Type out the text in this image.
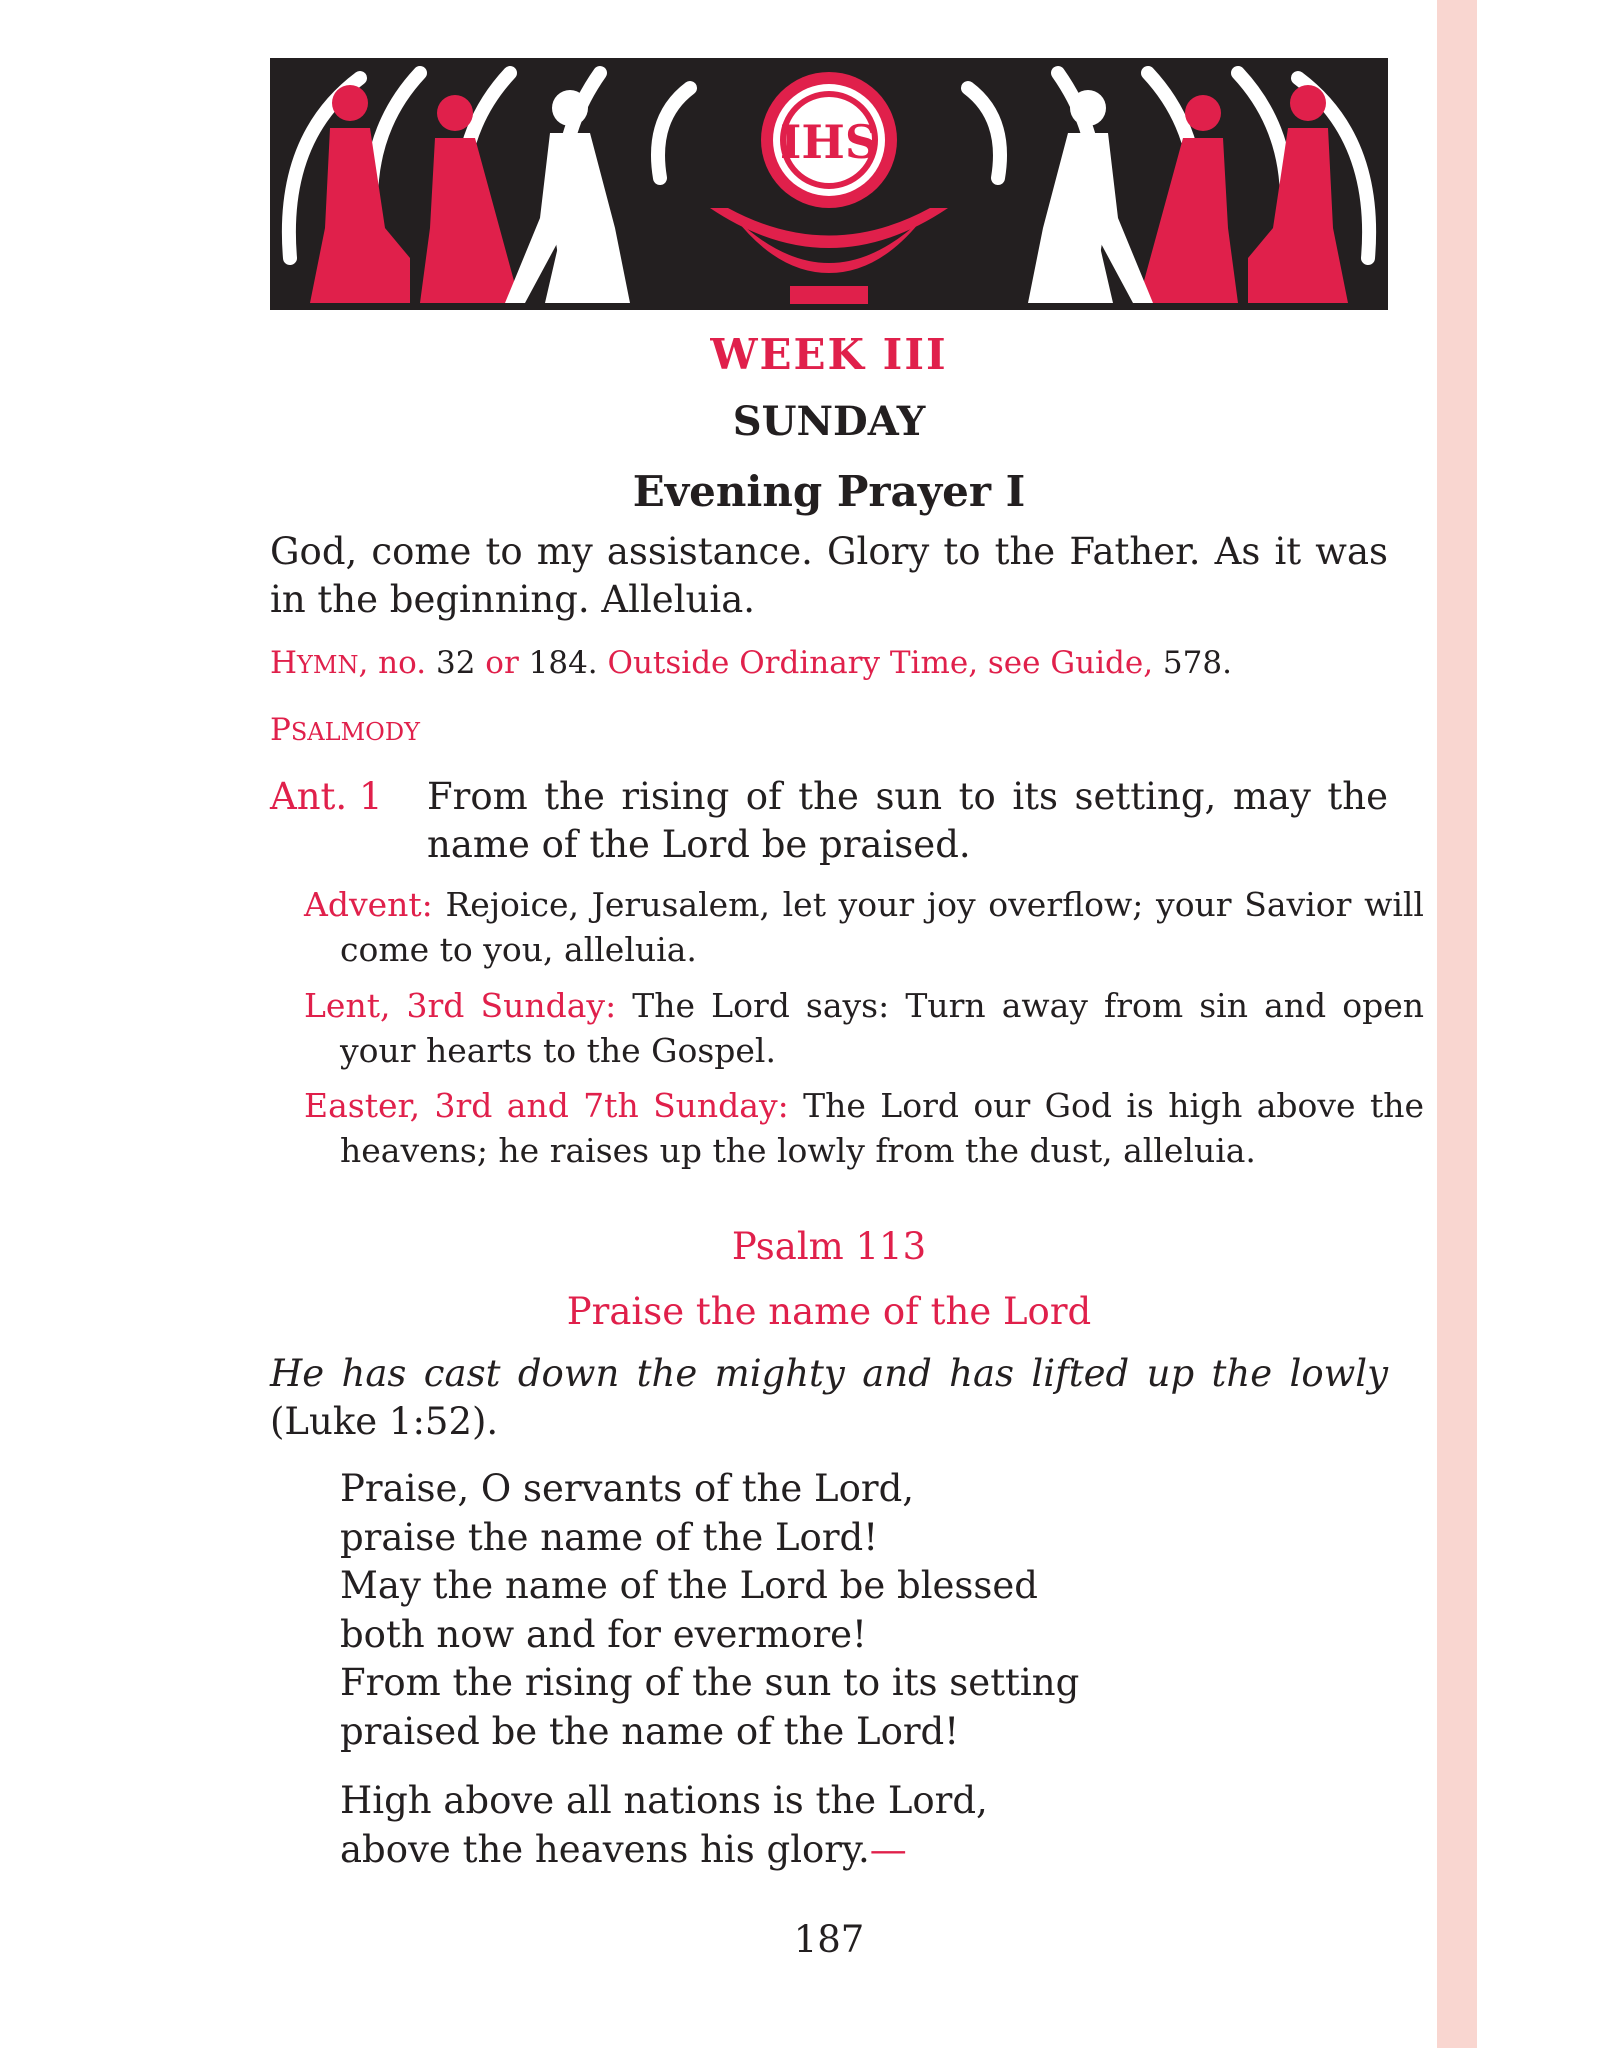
IHS
WEEK III
SUNDAY
Evening Prayer I
God, come to my assistance. Glory to the Father. As it was in the beginning. Alleluia.
HYMN, no. 32 or 184. Outside Ordinary Time, see Guide, 578.
PSALMODY
Ant. 1 From the rising of the sun to its setting, may the name of the Lord be praised.
Advent: Rejoice, Jerusalem, let your joy overflow; your Savior will come to you, alleluia.
Lent, 3rd Sunday: The Lord says: Turn away from sin and open your hearts to the Gospel.
Easter, 3rd and 7th Sunday: The Lord our God is high above the heavens; he raises up the lowly from the dust, alleluia.
Psalm 113
Praise the name of the Lord
He has cast down the mighty and has lifted up the lowly (Luke 1:52).
Praise, O servants of the Lord,
praise the name of the Lord!
May the name of the Lord be blessed
both now and for evermore!
From the rising of the sun to its setting
praised be the name of the Lord!
High above all nations is the Lord,
above the heavens his glory.—
187
